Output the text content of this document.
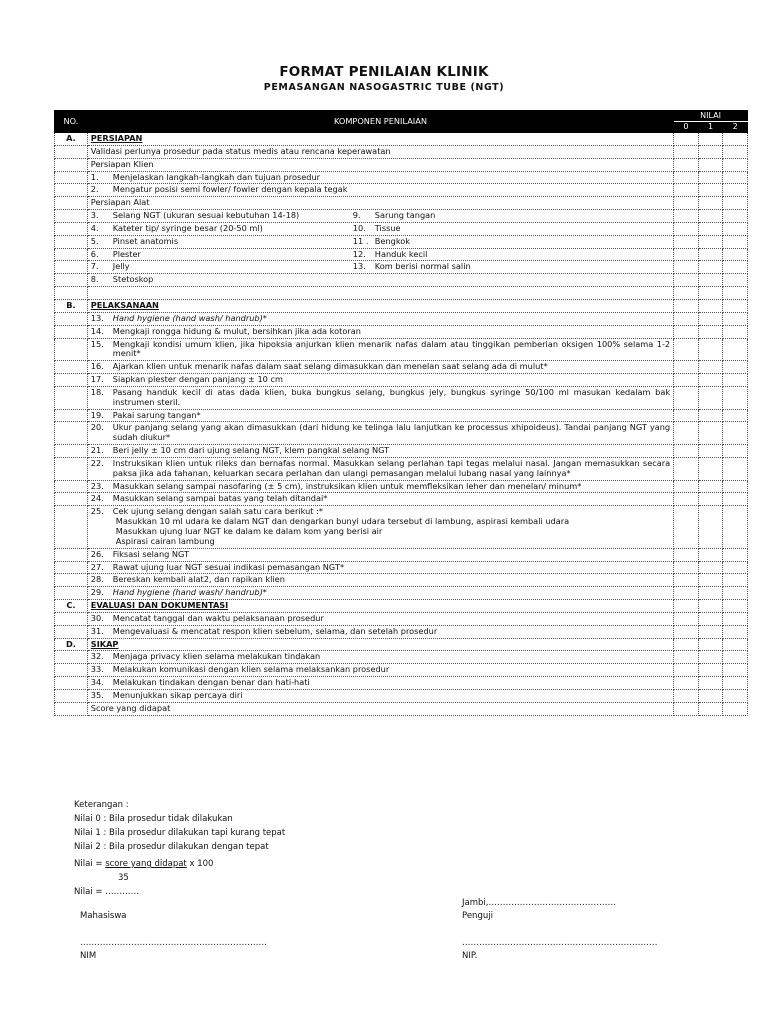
FORMAT PENILAIAN KLINIK
PEMASANGAN NASOGASTRIC TUBE (NGT)
NO.	KOMPONEN PENILAIAN	NILAI		
		0	1	2
A.	PERSIAPAN			
	Validasi perlunya prosedur pada status medis atau rencana keperawatan			
	Persiapan Klien			

	1. Menjelaskan langkah-langkah dan tujuan prosedur			

	2. Mengatur posisi semi fowler/ fowler dengan kepala tegak			

	Persiapan Alat			

	3. Selang NGT (ukuran sesuai kebutuhan 14-18) 9. Sarung tangan			

	4. Kateter tip/ syringe besar (20-50 ml) 10. Tissue			

	5. Pinset anatomis 11 . Bengkok			

	6. Plester 12. Handuk kecil			

	7. Jelly 13. Kom berisi normal salin			

	8. Stetoskop			

B.	PELAKSANAAN			

	13. Hand hygiene (hand wash/ handrub)*			

	14. Mengkaji rongga hidung & mulut, bersihkan jika ada kotoran			

	15. Mengkaji kondisi umum klien, jika hipoksia anjurkan klien menarik nafas dalam atau tinggikan pemberian oksigen 100% selama 1-2 menit*			

	16. Ajarkan klien untuk menarik nafas dalam saat selang dimasukkan dan menelan saat selang ada di mulut*			

	17. Siapkan plester dengan panjang ± 10 cm			

	18. Pasang handuk kecil di atas dada klien, buka bungkus selang, bungkus jely, bungkus syringe 50/100 ml masukan kedalam bak instrumen steril.			

	19. Pakai sarung tangan*			

	20. Ukur panjang selang yang akan dimasukkan (dari hidung ke telinga lalu lanjutkan ke processus xhipoideus). Tandai panjang NGT yang sudah diukur*			

	21. Beri jelly ± 10 cm dari ujung selang NGT, klem pangkal selang NGT			

	22. Instruksikan klien untuk rileks dan bernafas normal. Masukkan selang perlahan tapi tegas melalui nasal. Jangan memasukkan secara paksa jika ada tahanan, keluarkan secara perlahan dan ulangi pemasangan melalui lubang nasal yang lainnya*			

	23. Masukkan selang sampai nasofaring (± 5 cm), instruksikan klien untuk memfleksikan leher dan menelan/ minum*			

	24. Masukkan selang sampai batas yang telah ditandai*			

	25. Cek ujung selang dengan salah satu cara berikut :*
Masukkan 10 ml udara ke dalam NGT dan dengarkan bunyi udara tersebut di lambung, aspirasi kembali udara
Masukkan ujung luar NGT ke dalam ke dalam kom yang berisi air
Aspirasi cairan lambung			

	26. Fiksasi selang NGT			

	27. Rawat ujung luar NGT sesuai indikasi pemasangan NGT*			

	28. Bereskan kembali alat2, dan rapikan klien			

	29. Hand hygiene (hand wash/ handrub)*			

C.	EVALUASI DAN DOKUMENTASI			

	30. Mencatat tanggal dan waktu pelaksanaan prosedur			

	31. Mengevaluasi & mencatat respon klien sebelum, selama, dan setelah prosedur			

D.	SIKAP			

	32. Menjaga privacy klien selama melakukan tindakan			

	33. Melakukan komunikasi dengan klien selama melaksankan prosedur			

	34. Melakukan tindakan dengan benar dan hati-hati			

	35. Menunjukkan sikap percaya diri			

	Score yang didapat			
Keterangan :
Nilai 0 : Bila prosedur tidak dilakukan
Nilai 1 : Bila prosedur dilakukan tapi kurang tepat
Nilai 2 : Bila prosedur dilakukan dengan tepat
Nilai = score yang didapat x 100
35
Nilai = …………
Jambi,………………………………………
Mahasiswa	Penguji
…………………………………………………………	……………………………………………………………
NIM	NIP.
